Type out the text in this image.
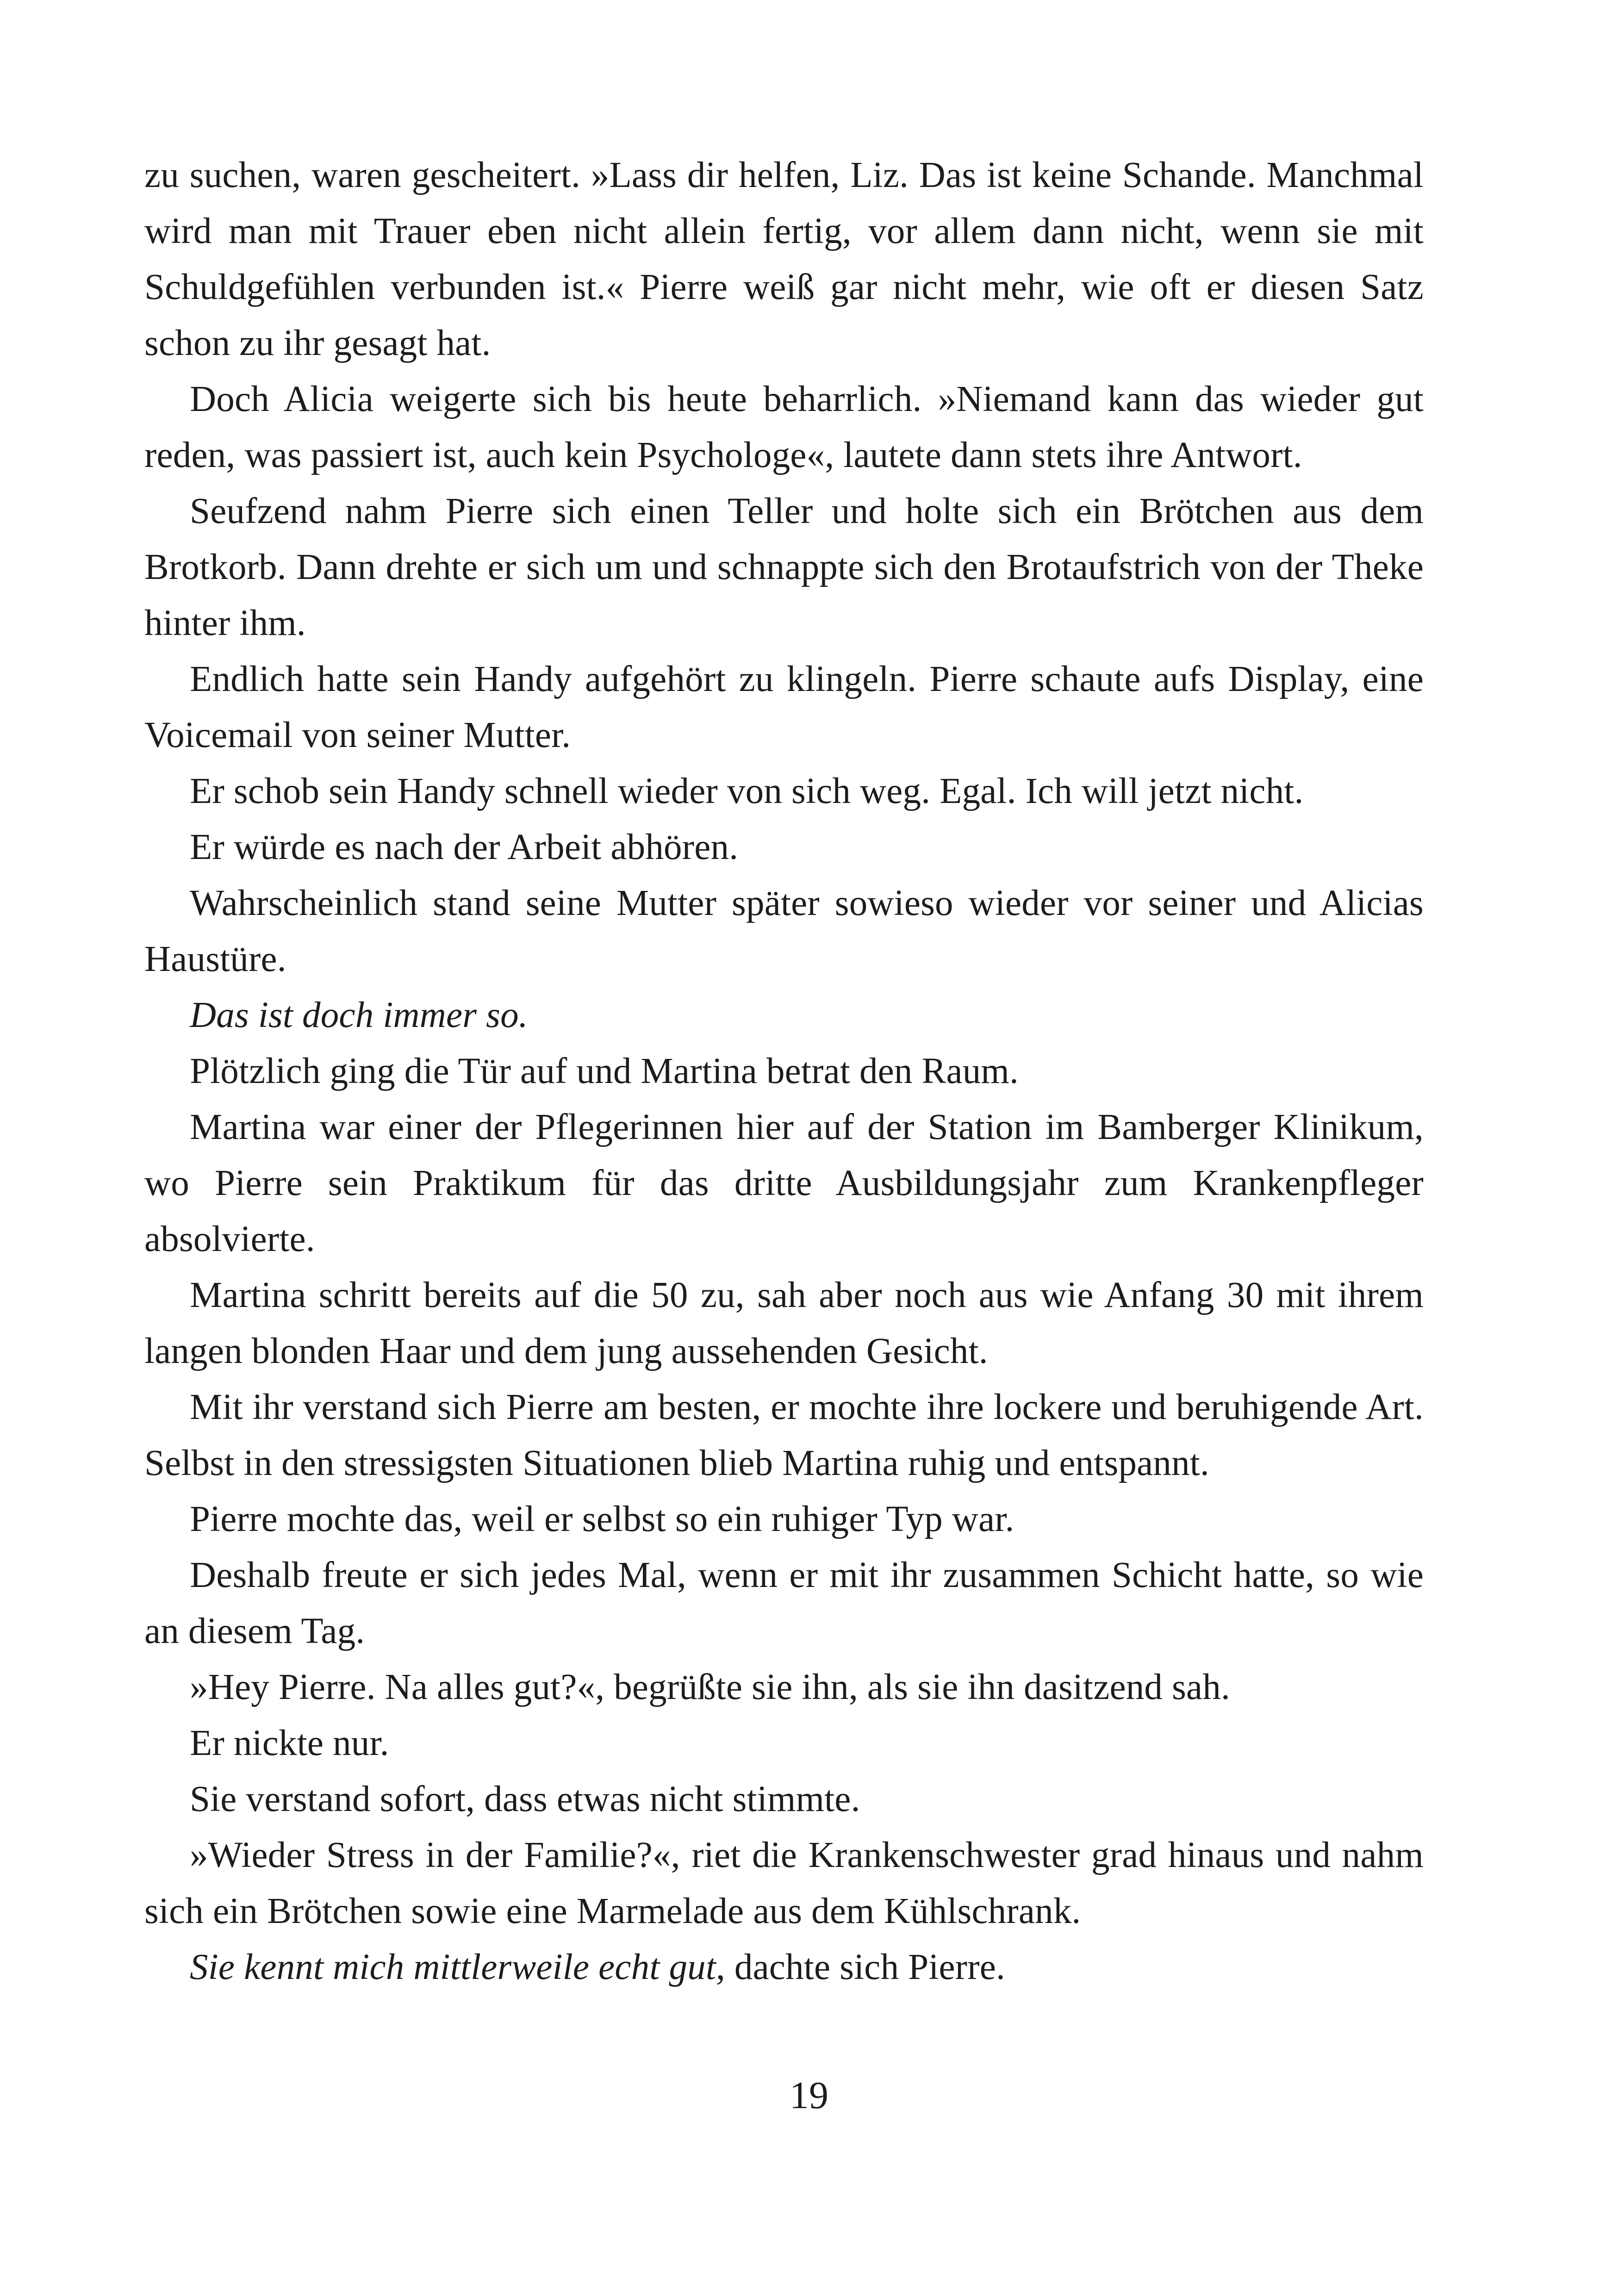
zu suchen, waren gescheitert. »Lass dir helfen, Liz. Das ist keine Schande. Manchmal wird man mit Trauer eben nicht allein fertig, vor allem dann nicht, wenn sie mit Schuldgefühlen verbunden ist.« Pierre weiß gar nicht mehr, wie oft er diesen Satz schon zu ihr gesagt hat.

Doch Alicia weigerte sich bis heute beharrlich. »Niemand kann das wieder gut reden, was passiert ist, auch kein Psychologe«, lautete dann stets ihre Antwort.

Seufzend nahm Pierre sich einen Teller und holte sich ein Brötchen aus dem Brotkorb. Dann drehte er sich um und schnappte sich den Brotaufstrich von der Theke hinter ihm.

Endlich hatte sein Handy aufgehört zu klingeln. Pierre schaute aufs Display, eine Voicemail von seiner Mutter.

Er schob sein Handy schnell wieder von sich weg. Egal. Ich will jetzt nicht.

Er würde es nach der Arbeit abhören.

Wahrscheinlich stand seine Mutter später sowieso wieder vor seiner und Alicias Haustüre.

Das ist doch immer so.

Plötzlich ging die Tür auf und Martina betrat den Raum.

Martina war einer der Pflegerinnen hier auf der Station im Bamberger Klinikum, wo Pierre sein Praktikum für das dritte Ausbildungsjahr zum Krankenpfleger absolvierte.

Martina schritt bereits auf die 50 zu, sah aber noch aus wie Anfang 30 mit ihrem langen blonden Haar und dem jung aussehenden Gesicht.

Mit ihr verstand sich Pierre am besten, er mochte ihre lockere und beruhigende Art. Selbst in den stressigsten Situationen blieb Martina ruhig und entspannt.

Pierre mochte das, weil er selbst so ein ruhiger Typ war.

Deshalb freute er sich jedes Mal, wenn er mit ihr zusammen Schicht hatte, so wie an diesem Tag.

»Hey Pierre. Na alles gut?«, begrüßte sie ihn, als sie ihn dasitzend sah.

Er nickte nur.

Sie verstand sofort, dass etwas nicht stimmte.

»Wieder Stress in der Familie?«, riet die Krankenschwester grad hinaus und nahm sich ein Brötchen sowie eine Marmelade aus dem Kühlschrank.

Sie kennt mich mittlerweile echt gut, dachte sich Pierre.

19
